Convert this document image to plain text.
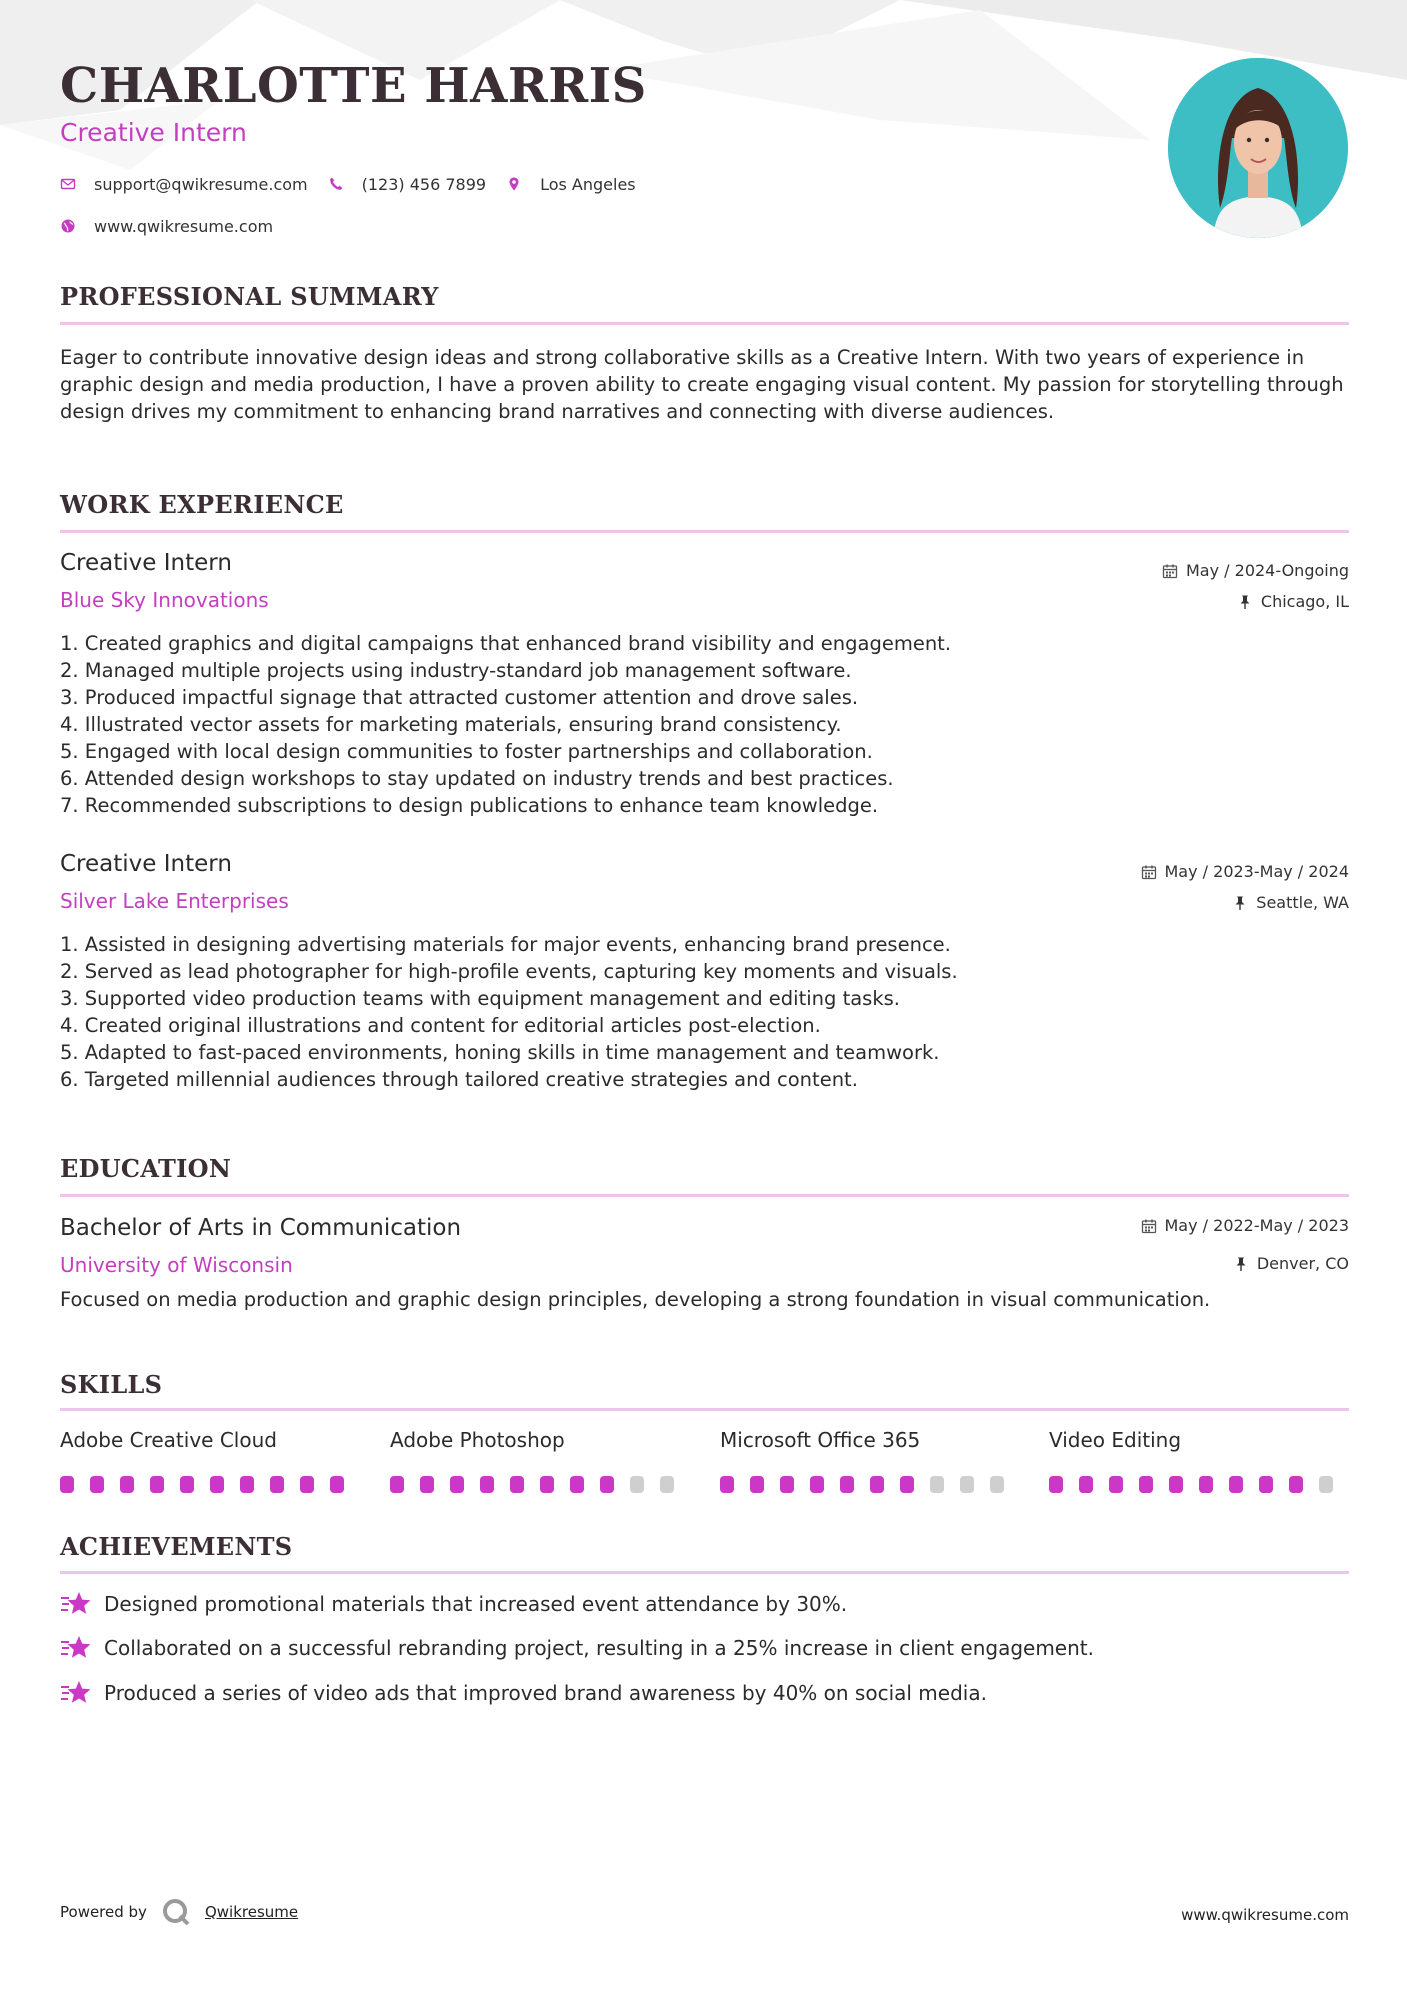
CHARLOTTE HARRIS
Creative Intern
support@qwikresume.com	(123) 456 7899	Los Angeles
www.qwikresume.com
PROFESSIONAL SUMMARY

Eager to contribute innovative design ideas and strong collaborative skills as a Creative Intern. With two years of experience in graphic design and media production, I have a proven ability to create engaging visual content. My passion for storytelling through design drives my commitment to enhancing brand narratives and connecting with diverse audiences.

WORK EXPERIENCE
Creative Intern
Blue Sky Innovations
May / 2024-Ongoing
Chicago, IL
1. Created graphics and digital campaigns that enhanced brand visibility and engagement.
2. Managed multiple projects using industry-standard job management software.
3. Produced impactful signage that attracted customer attention and drove sales.
4. Illustrated vector assets for marketing materials, ensuring brand consistency.
5. Engaged with local design communities to foster partnerships and collaboration.
6. Attended design workshops to stay updated on industry trends and best practices.
7. Recommended subscriptions to design publications to enhance team knowledge.
Creative Intern
Silver Lake Enterprises
May / 2023-May / 2024
Seattle, WA
1. Assisted in designing advertising materials for major events, enhancing brand presence.
2. Served as lead photographer for high-profile events, capturing key moments and visuals.
3. Supported video production teams with equipment management and editing tasks.
4. Created original illustrations and content for editorial articles post-election.
5. Adapted to fast-paced environments, honing skills in time management and teamwork.
6. Targeted millennial audiences through tailored creative strategies and content.
EDUCATION
Bachelor of Arts in Communication
University of Wisconsin
May / 2022-May / 2023
Denver, CO
Focused on media production and graphic design principles, developing a strong foundation in visual communication.
SKILLS
Adobe Creative Cloud	Adobe Photoshop	Microsoft Office 365	Video Editing
ACHIEVEMENTS
Designed promotional materials that increased event attendance by 30%.
Collaborated on a successful rebranding project, resulting in a 25% increase in client engagement.
Produced a series of video ads that improved brand awareness by 40% on social media.
Powered by	Qwikresume	www.qwikresume.com
